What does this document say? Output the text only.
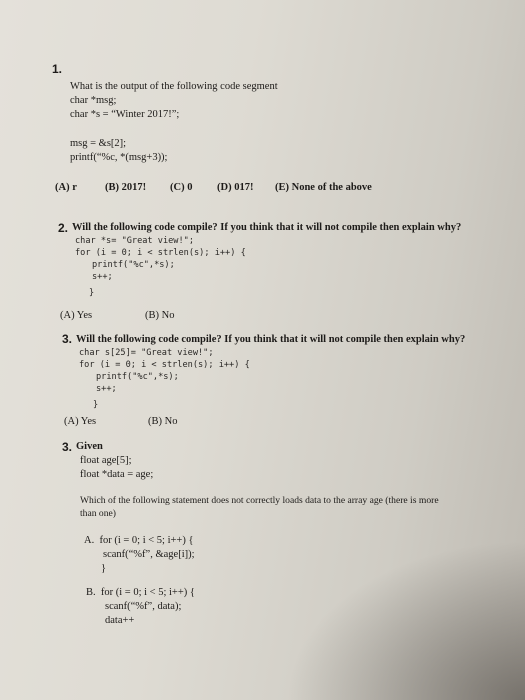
1.
What is the output of the following code segment
char *msg;
char *s = “Winter 2017!”;
msg = &s[2];
printf(“%c, *(msg+3));
(A) r	(B) 2017! (C) 0 (D) 017! (E) None of the above
2. Will the following code compile? If you think that it will not compile then explain why?
char *s= "Great view!";
for (i = 0; i < strlen(s); i++) {
printf("%c",*s);
s++;
}
(A) Yes	(B) No
3. Will the following code compile? If you think that it will not compile then explain why?
char s[25]= "Great view!";
for (i = 0; i < strlen(s); i++) {
printf("%c",*s);
s++;
}
(A) Yes	(B) No
3. Given
float age[5];
float *data = age;
Which of the following statement does not correctly loads data to the array age (there is more
than one)
A.  for (i = 0; i < 5; i++) {
scanf(“%f”, &age[i]);
}
B.  for (i = 0; i < 5; i++) {
scanf(“%f”, data);
data++
